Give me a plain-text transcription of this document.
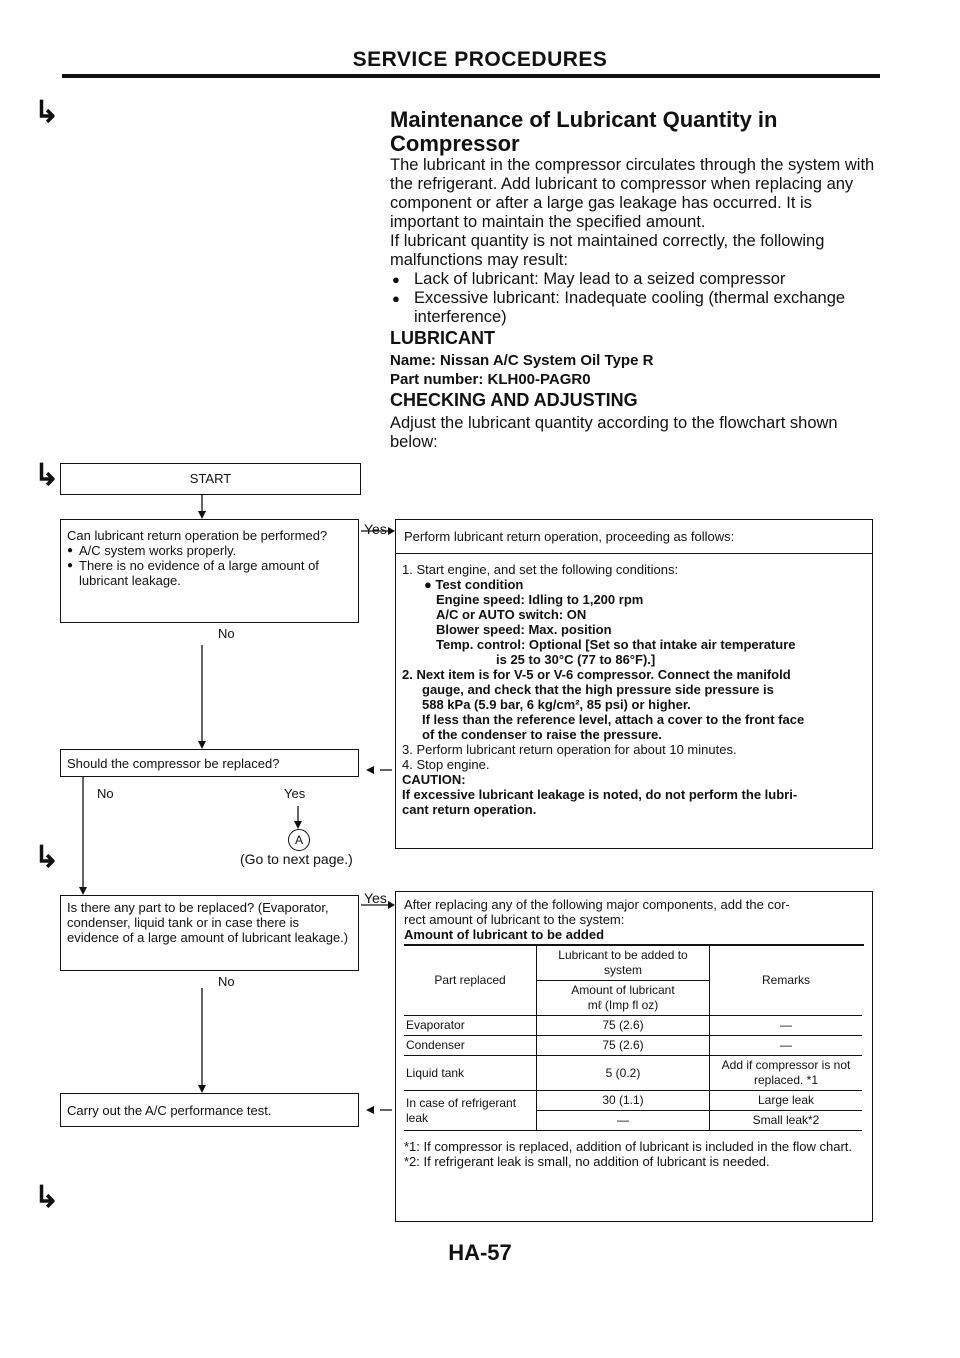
SERVICE PROCEDURES
↳
↳
↳
↳
Maintenance of Lubricant Quantity in
Compressor

The lubricant in the compressor circulates through the system with the refrigerant. Add lubricant to compressor when replacing any component or after a large gas leakage has occurred. It is important to maintain the specified amount.

If lubricant quantity is not maintained correctly, the following malfunctions may result:

● Lack of lubricant: May lead to a seized compressor
● Excessive lubricant: Inadequate cooling (thermal exchange interference)
LUBRICANT
Name: Nissan A/C System Oil Type R
Part number: KLH00-PAGR0
CHECKING AND ADJUSTING

Adjust the lubricant quantity according to the flowchart shown below:

START
Can lubricant return operation be performed?
● A/C system works properly.
● There is no evidence of a large amount of lubricant leakage.
No
Yes
Should the compressor be replaced?
No	Yes
A
(Go to next page.)
Is there any part to be replaced? (Evaporator, condenser, liquid tank or in case there is evidence of a large amount of lubricant leakage.)
No
Yes
Carry out the A/C performance test.
Perform lubricant return operation, proceeding as follows:
1. Start engine, and set the following conditions:
● Test condition
Engine speed: Idling to 1,200 rpm
A/C or AUTO switch: ON
Blower speed: Max. position
Temp. control: Optional [Set so that intake air temperature
is 25 to 30°C (77 to 86°F).]
2. Next item is for V-5 or V-6 compressor. Connect the manifold
gauge, and check that the high pressure side pressure is
588 kPa (5.9 bar, 6 kg/cm², 85 psi) or higher.
If less than the reference level, attach a cover to the front face
of the condenser to raise the pressure.
3. Perform lubricant return operation for about 10 minutes.
4. Stop engine.
CAUTION:
If excessive lubricant leakage is noted, do not perform the lubri-
cant return operation.
After replacing any of the following major components, add the cor-
rect amount of lubricant to the system:
Amount of lubricant to be added
Part replaced	Lubricant to be added to system	Remarks

	Amount of lubricant
mℓ (Imp fl oz)	

Evaporator	75 (2.6)	—
Condenser	75 (2.6)	—
Liquid tank	5 (0.2)	Add if compressor is not replaced. *1
In case of refrigerant leak	30 (1.1)	Large leak
	—	Small leak*2
*1: If compressor is replaced, addition of lubricant is included in the flow chart.
*2: If refrigerant leak is small, no addition of lubricant is needed.
HA-57
